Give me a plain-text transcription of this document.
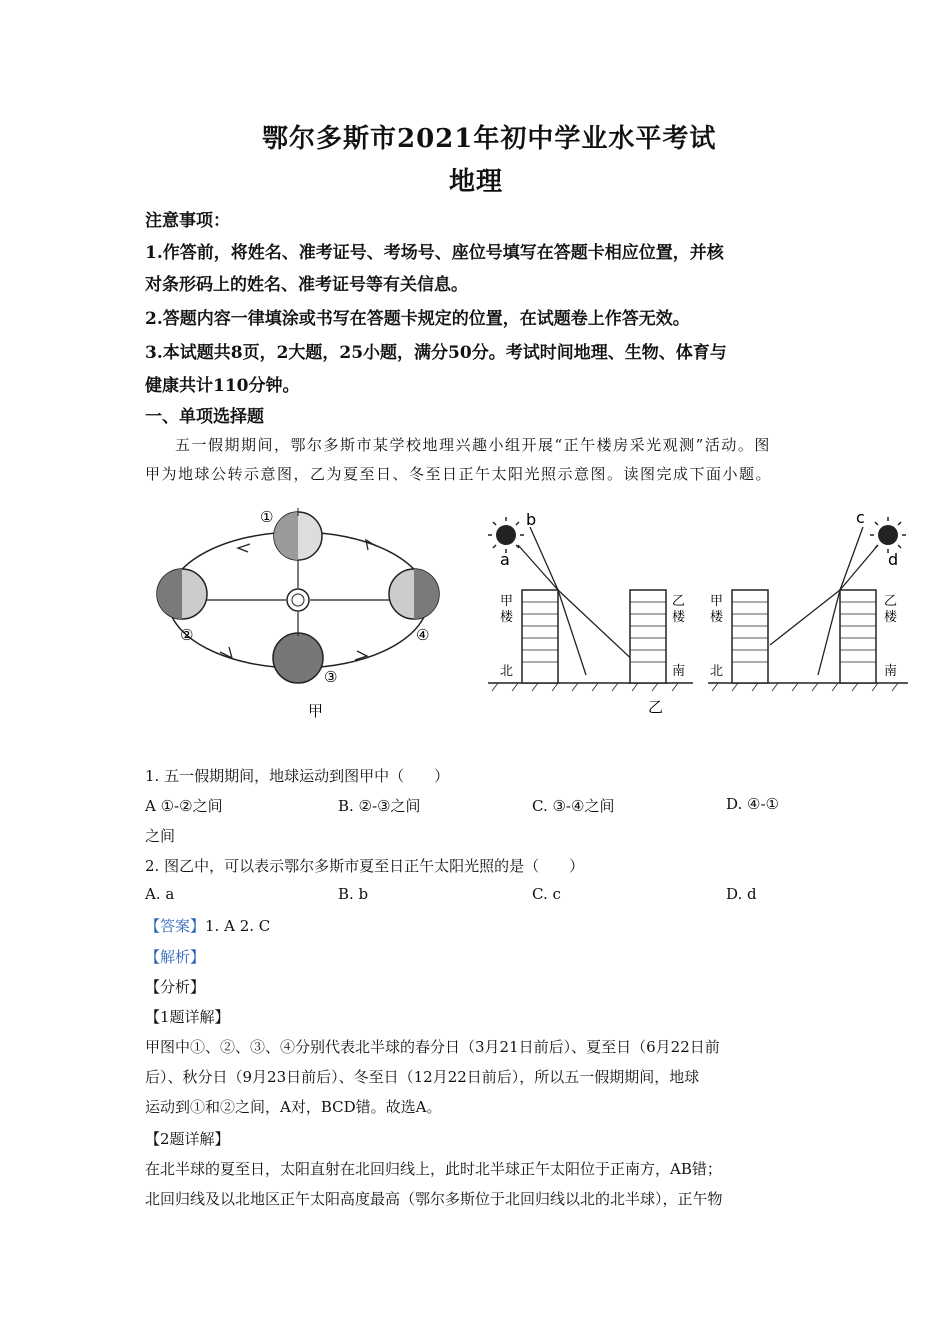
鄂尔多斯市2021年初中学业水平考试
地理
注意事项：
1.作答前，将姓名、准考证号、考场号、座位号填写在答题卡相应位置，并核
对条形码上的姓名、准考证号等有关信息。
2.答题内容一律填涂或书写在答题卡规定的位置，在试题卷上作答无效。
3.本试题共8页，2大题，25小题，满分50分。考试时间地理、生物、体育与
健康共计110分钟。
一、单项选择题
五一假期期间，鄂尔多斯市某学校地理兴趣小组开展“正午楼房采光观测”活动。图
甲为地球公转示意图，乙为夏至日、冬至日正午太阳光照示意图。读图完成下面小题。
①
②
③
④
甲
b
a
甲
楼
乙
楼
北	南
甲
楼
乙
楼
北	南
c
d
乙
1. 五一假期期间，地球运动到图甲中（　　）
A ①-②之间	B. ②-③之间	C. ③-④之间	D. ④-①
之间
2. 图乙中，可以表示鄂尔多斯市夏至日正午太阳光照的是（　　）
A. a	B. b	C. c	D. d
【答案】1. A 2. C
【解析】
【分析】
【1题详解】
甲图中①、②、③、④分别代表北半球的春分日（3月21日前后）、夏至日（6月22日前
后）、秋分日（9月23日前后）、冬至日（12月22日前后），所以五一假期期间，地球
运动到①和②之间，A对，BCD错。故选A。
【2题详解】
在北半球的夏至日，太阳直射在北回归线上，此时北半球正午太阳位于正南方，AB错；
北回归线及以北地区正午太阳高度最高（鄂尔多斯位于北回归线以北的北半球），正午物
